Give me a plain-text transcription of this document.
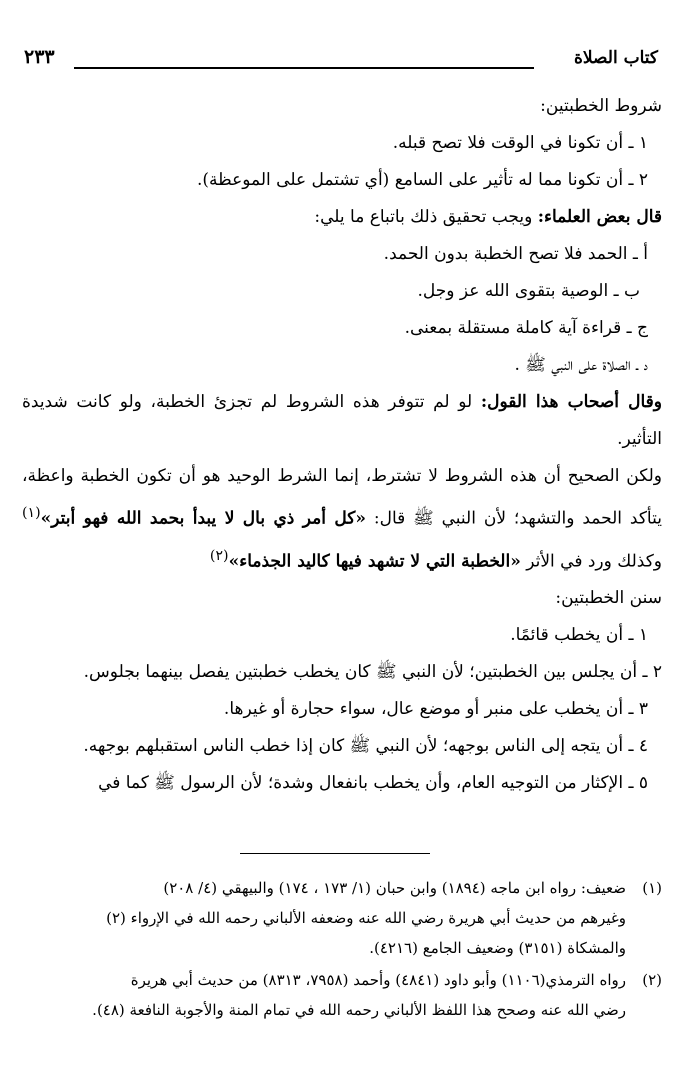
كتاب الصلاة
٢٣٣

شروط الخطبتين:

١ ـ أن تكونا في الوقت فلا تصح قبله.

٢ ـ أن تكونا مما له تأثير على السامع (أي تشتمل على الموعظة).

قال بعض العلماء: ويجب تحقيق ذلك باتباع ما يلي:

أ ـ الحمد فلا تصح الخطبة بدون الحمد.

ب ـ الوصية بتقوى الله عز وجل.

ج ـ قراءة آية كاملة مستقلة بمعنى.

د ـ الصلاة على النبي ﷺ .

وقال أصحاب هذا القول: لو لم تتوفر هذه الشروط لم تجزئ الخطبة، ولو كانت شديدة التأثير.

ولكن الصحيح أن هذه الشروط لا تشترط، إنما الشرط الوحيد هو أن تكون الخطبة واعظة، يتأكد الحمد والتشهد؛ لأن النبي ﷺ قال: «كل أمر ذي بال لا يبدأ بحمد الله فهو أبتر»$^{(١)}$ وكذلك ورد في الأثر «الخطبة التي لا تشهد فيها كاليد الجذماء»$^{(٢)}$

سنن الخطبتين:

١ ـ أن يخطب قائمًا.

٢ ـ أن يجلس بين الخطبتين؛ لأن النبي ﷺ كان يخطب خطبتين يفصل بينهما بجلوس.

٣ ـ أن يخطب على منبر أو موضع عال، سواء حجارة أو غيرها.

٤ ـ أن يتجه إلى الناس بوجهه؛ لأن النبي ﷺ كان إذا خطب الناس استقبلهم بوجهه.

٥ ـ الإكثار من التوجيه العام، وأن يخطب بانفعال وشدة؛ لأن الرسول ﷺ كما في

(١)

ضعيف: رواه ابن ماجه (١٨٩٤) وابن حبان (١/ ١٧٣ ، ١٧٤) والبيهقي (٤/ ٢٠٨)

وغيرهم من حديث أبي هريرة رضي الله عنه وضعفه الألباني رحمه الله في الإرواء (٢)

والمشكاة (٣١٥١) وضعيف الجامع (٤٢١٦).

(٢)

رواه الترمذي(١١٠٦) وأبو داود (٤٨٤١) وأحمد (٧٩٥٨، ٨٣١٣) من حديث أبي هريرة

رضي الله عنه وصحح هذا اللفظ الألباني رحمه الله في تمام المنة والأجوبة النافعة (٤٨).
